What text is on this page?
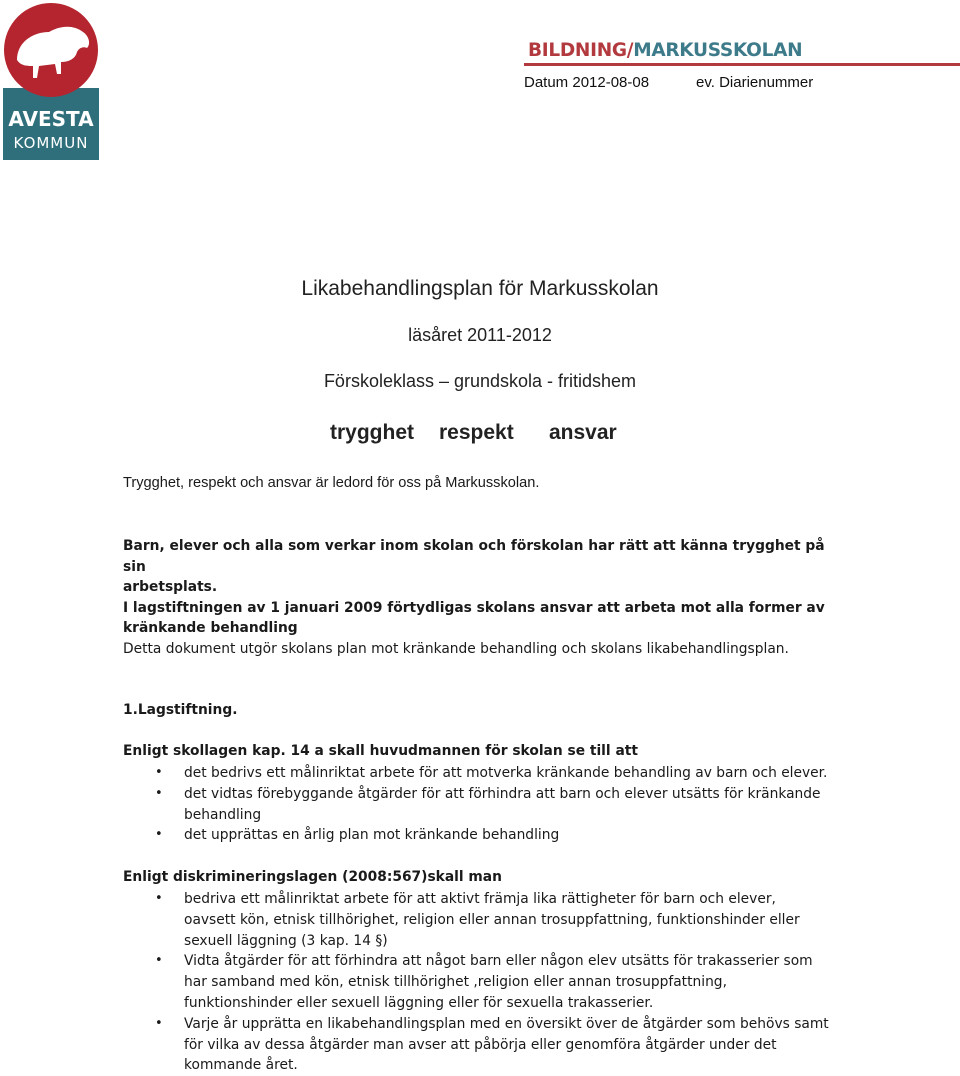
AVESTA
KOMMUN
BILDNING/MARKUSSKOLAN
Datum 2012-08-08	ev. Diarienummer
Likabehandlingsplan för Markusskolan
läsåret 2011-2012
Förskoleklass – grundskola - fritidshem
trygghet respekt ansvar
Trygghet, respekt och ansvar är ledord för oss på Markusskolan.
Barn, elever och alla som verkar inom skolan och förskolan har rätt att känna trygghet på sin
arbetsplats.
I lagstiftningen av 1 januari 2009 förtydligas skolans ansvar att arbeta mot alla former av
kränkande behandling
Detta dokument utgör skolans plan mot kränkande behandling och skolans likabehandlingsplan.
1.Lagstiftning.
Enligt skollagen kap. 14 a skall huvudmannen för skolan se till att
• det bedrivs ett målinriktat arbete för att motverka kränkande behandling av barn och elever.
• det vidtas förebyggande åtgärder för att förhindra att barn och elever utsätts för kränkande
behandling
• det upprättas en årlig plan mot kränkande behandling
Enligt diskrimineringslagen (2008:567)skall man
• bedriva ett målinriktat arbete för att aktivt främja lika rättigheter för barn och elever,
oavsett kön, etnisk tillhörighet, religion eller annan trosuppfattning, funktionshinder eller
sexuell läggning (3 kap. 14 §)
• Vidta åtgärder för att förhindra att något barn eller någon elev utsätts för trakasserier som
har samband med kön, etnisk tillhörighet ,religion eller annan trosuppfattning,
funktionshinder eller sexuell läggning eller för sexuella trakasserier.
• Varje år upprätta en likabehandlingsplan med en översikt över de åtgärder som behövs samt
för vilka av dessa åtgärder man avser att påbörja eller genomföra åtgärder under det
kommande året.
